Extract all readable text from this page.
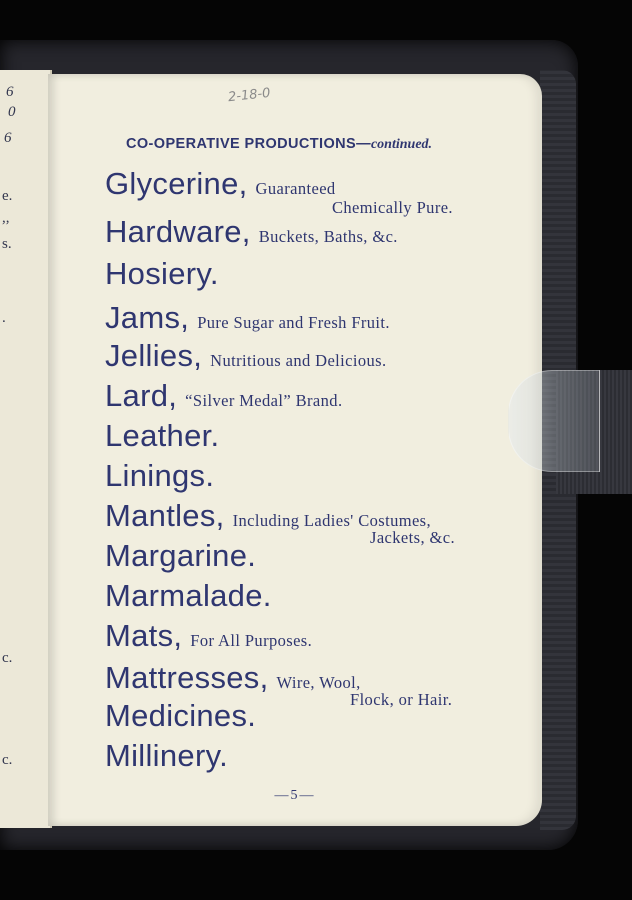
6
0
6
e.
,,
s.
.
c.
c.
2-18-0
CO-OPERATIVE PRODUCTIONS—continued.
Glycerine, Guaranteed
Chemically Pure.
Hardware, Buckets, Baths, &c.
Hosiery.
Jams, Pure Sugar and Fresh Fruit.
Jellies, Nutritious and Delicious.
Lard, “Silver Medal” Brand.
Leather.
Linings.
Mantles, Including Ladies' Costumes,
Jackets, &c.
Margarine.
Marmalade.
Mats, For All Purposes.
Mattresses, Wire, Wool,
Flock, or Hair.
Medicines.
Millinery.
—5—
